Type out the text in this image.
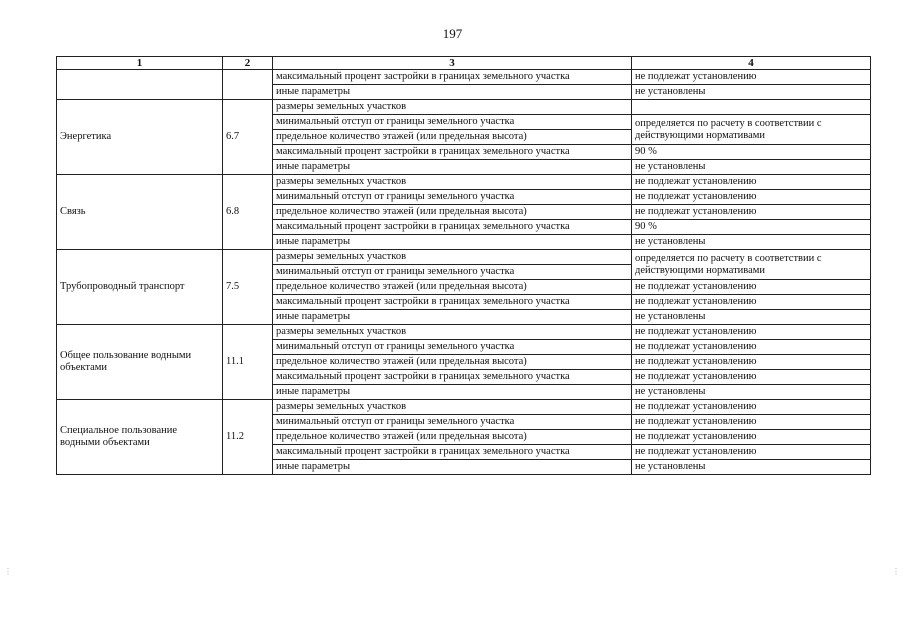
197
1	2	3	4
		максимальный процент застройки в границах земельного участка	не подлежат установлению
		иные параметры	не установлены
Энергетика	6.7	размеры земельных участков	
		минимальный отступ от границы земельного участка	определяется по расчету в соответствии с действующими нормативами
		предельное количество этажей (или предельная высота)	
		максимальный процент застройки в границах земельного участка	90 %
		иные параметры	не установлены
Связь	6.8	размеры земельных участков	не подлежат установлению
		минимальный отступ от границы земельного участка	не подлежат установлению
		предельное количество этажей (или предельная высота)	не подлежат установлению
		максимальный процент застройки в границах земельного участка	90 %
		иные параметры	не установлены
Трубопроводный транспорт	7.5	размеры земельных участков	определяется по расчету в соответствии с действующими нормативами
		минимальный отступ от границы земельного участка	
		предельное количество этажей (или предельная высота)	не подлежат установлению
		максимальный процент застройки в границах земельного участка	не подлежат установлению
		иные параметры	не установлены
Общее пользование водными объектами	11.1	размеры земельных участков	не подлежат установлению
		минимальный отступ от границы земельного участка	не подлежат установлению
		предельное количество этажей (или предельная высота)	не подлежат установлению
		максимальный процент застройки в границах земельного участка	не подлежат установлению
		иные параметры	не установлены
Специальное пользование водными объектами	11.2	размеры земельных участков	не подлежат установлению
		минимальный отступ от границы земельного участка	не подлежат установлению
		предельное количество этажей (или предельная высота)	не подлежат установлению
		максимальный процент застройки в границах земельного участка	не подлежат установлению
		иные параметры	не установлены
⋮	⋮
